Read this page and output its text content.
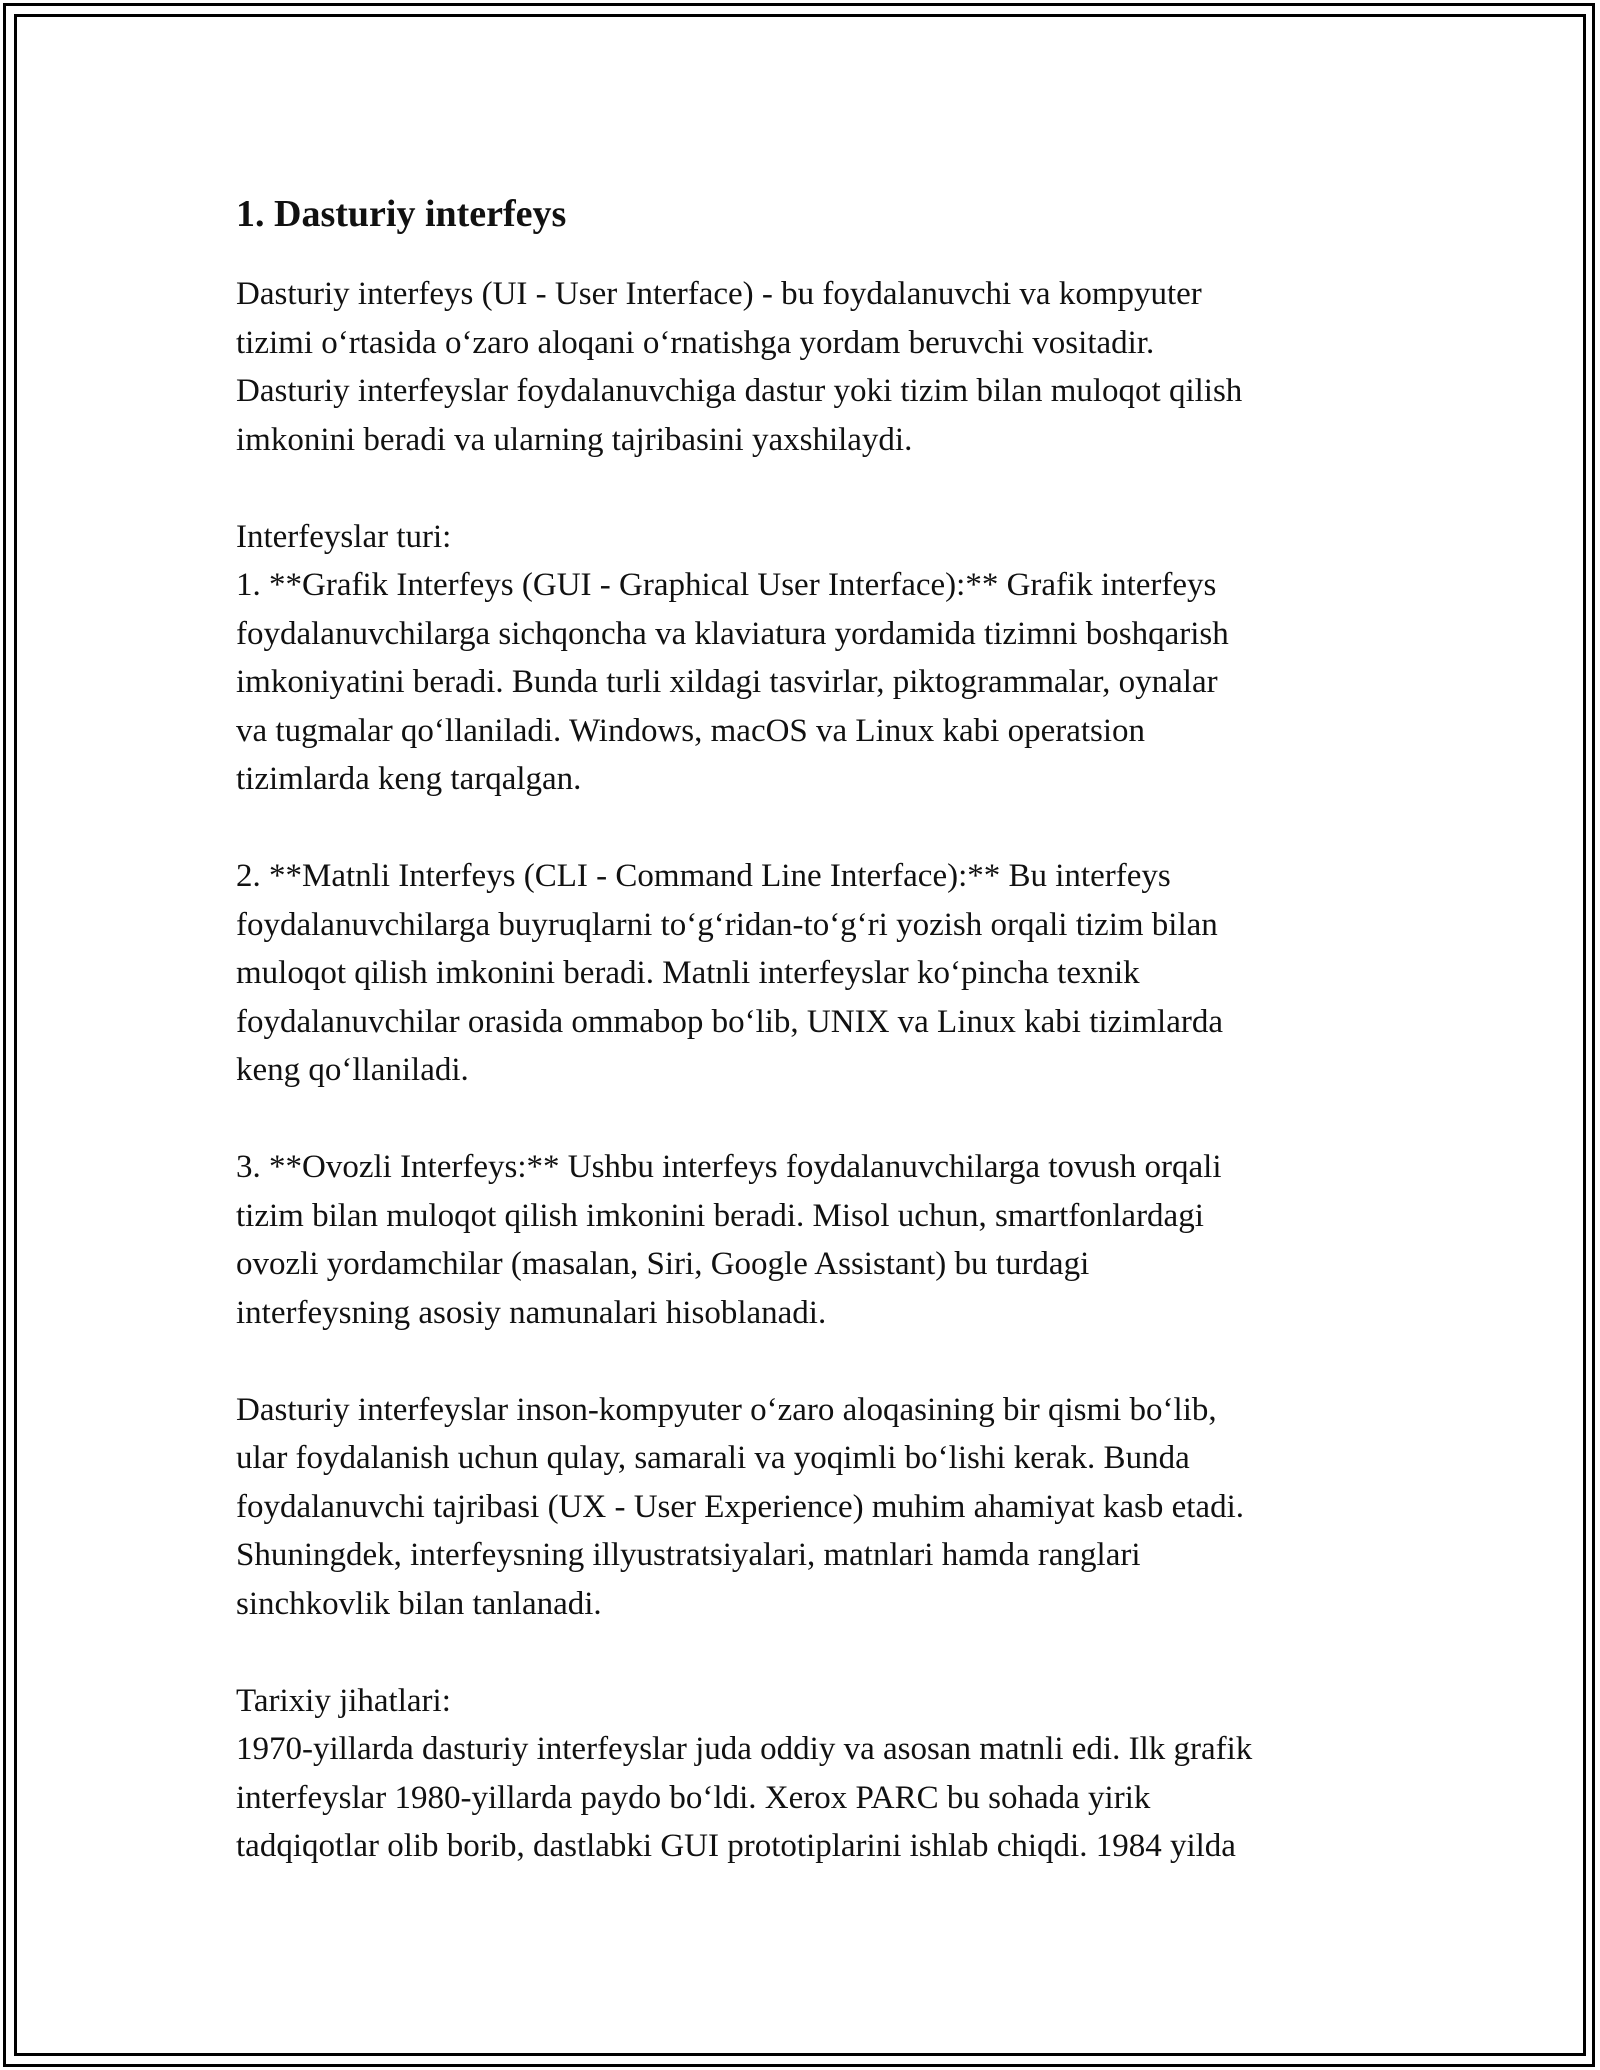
1. Dasturiy interfeys

Dasturiy interfeys (UI - User Interface) - bu foydalanuvchi va kompyuter
tizimi o‘rtasida o‘zaro aloqani o‘rnatishga yordam beruvchi vositadir.
Dasturiy interfeyslar foydalanuvchiga dastur yoki tizim bilan muloqot qilish
imkonini beradi va ularning tajribasini yaxshilaydi.

Interfeyslar turi:
1. **Grafik Interfeys (GUI - Graphical User Interface):** Grafik interfeys
foydalanuvchilarga sichqoncha va klaviatura yordamida tizimni boshqarish
imkoniyatini beradi. Bunda turli xildagi tasvirlar, piktogrammalar, oynalar
va tugmalar qo‘llaniladi. Windows, macOS va Linux kabi operatsion
tizimlarda keng tarqalgan.

2. **Matnli Interfeys (CLI - Command Line Interface):** Bu interfeys
foydalanuvchilarga buyruqlarni to‘g‘ridan-to‘g‘ri yozish orqali tizim bilan
muloqot qilish imkonini beradi. Matnli interfeyslar ko‘pincha texnik
foydalanuvchilar orasida ommabop bo‘lib, UNIX va Linux kabi tizimlarda
keng qo‘llaniladi.

3. **Ovozli Interfeys:** Ushbu interfeys foydalanuvchilarga tovush orqali
tizim bilan muloqot qilish imkonini beradi. Misol uchun, smartfonlardagi
ovozli yordamchilar (masalan, Siri, Google Assistant) bu turdagi
interfeysning asosiy namunalari hisoblanadi.

Dasturiy interfeyslar inson-kompyuter o‘zaro aloqasining bir qismi bo‘lib,
ular foydalanish uchun qulay, samarali va yoqimli bo‘lishi kerak. Bunda
foydalanuvchi tajribasi (UX - User Experience) muhim ahamiyat kasb etadi.
Shuningdek, interfeysning illyustratsiyalari, matnlari hamda ranglari
sinchkovlik bilan tanlanadi.

Tarixiy jihatlari:
1970-yillarda dasturiy interfeyslar juda oddiy va asosan matnli edi. Ilk grafik
interfeyslar 1980-yillarda paydo bo‘ldi. Xerox PARC bu sohada yirik
tadqiqotlar olib borib, dastlabki GUI prototiplarini ishlab chiqdi. 1984 yilda
